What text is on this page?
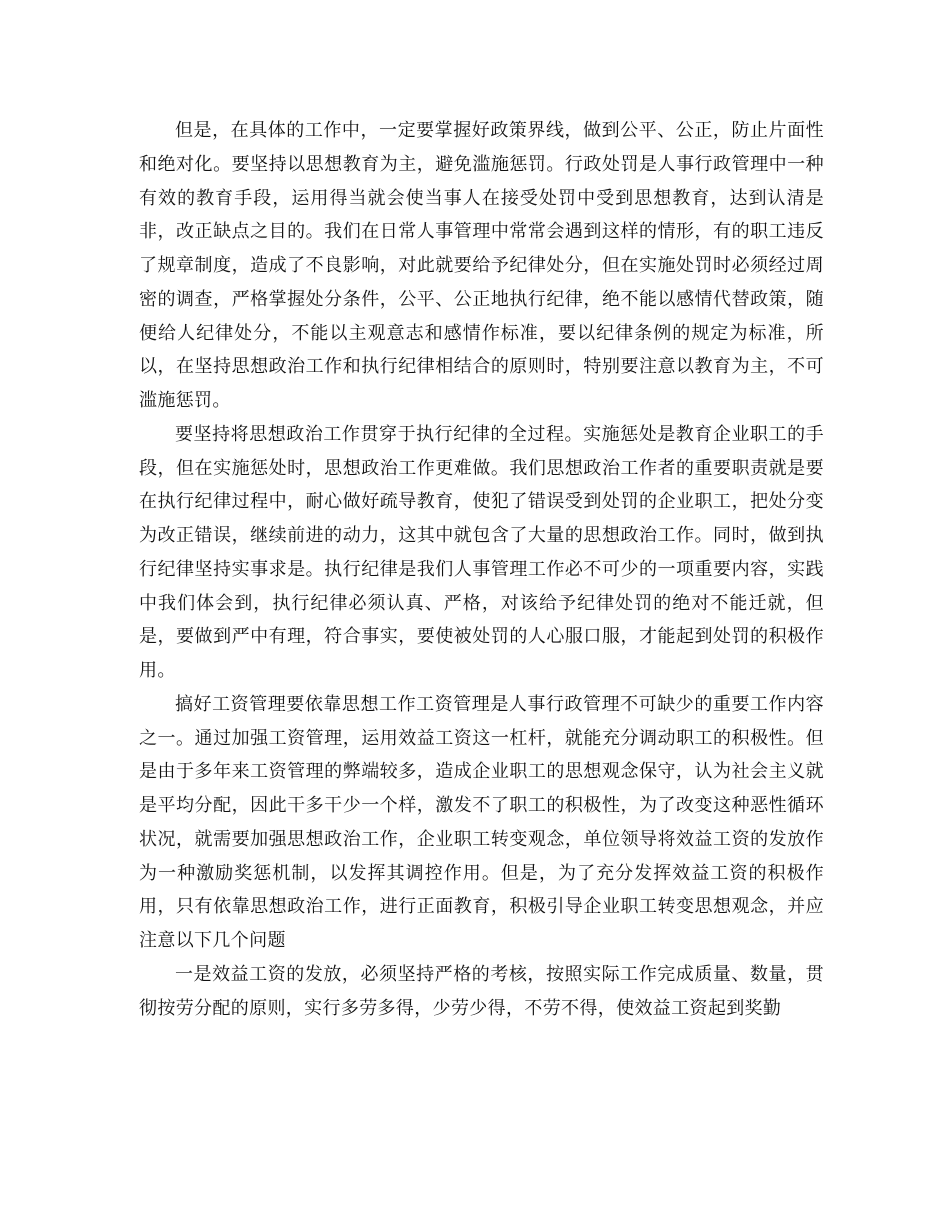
但是，在具体的工作中，一定要掌握好政策界线，做到公平、公正，防止片面性和绝对化。要坚持以思想教育为主，避免滥施惩罚。行政处罚是人事行政管理中一种有效的教育手段，运用得当就会使当事人在接受处罚中受到思想教育，达到认清是非，改正缺点之目的。我们在日常人事管理中常常会遇到这样的情形，有的职工违反了规章制度，造成了不良影响，对此就要给予纪律处分，但在实施处罚时必须经过周密的调查，严格掌握处分条件，公平、公正地执行纪律，绝不能以感情代替政策，随便给人纪律处分，不能以主观意志和感情作标准，要以纪律条例的规定为标准，所以，在坚持思想政治工作和执行纪律相结合的原则时，特别要注意以教育为主，不可滥施惩罚。

要坚持将思想政治工作贯穿于执行纪律的全过程。实施惩处是教育企业职工的手段，但在实施惩处时，思想政治工作更难做。我们思想政治工作者的重要职责就是要在执行纪律过程中，耐心做好疏导教育，使犯了错误受到处罚的企业职工，把处分变为改正错误，继续前进的动力，这其中就包含了大量的思想政治工作。同时，做到执行纪律坚持实事求是。执行纪律是我们人事管理工作必不可少的一项重要内容，实践中我们体会到，执行纪律必须认真、严格，对该给予纪律处罚的绝对不能迁就，但是，要做到严中有理，符合事实，要使被处罚的人心服口服，才能起到处罚的积极作用。

搞好工资管理要依靠思想工作工资管理是人事行政管理不可缺少的重要工作内容之一。通过加强工资管理，运用效益工资这一杠杆，就能充分调动职工的积极性。但是由于多年来工资管理的弊端较多，造成企业职工的思想观念保守，认为社会主义就是平均分配，因此干多干少一个样，激发不了职工的积极性，为了改变这种恶性循环状况，就需要加强思想政治工作，企业职工转变观念，单位领导将效益工资的发放作为一种激励奖惩机制，以发挥其调控作用。但是，为了充分发挥效益工资的积极作用，只有依靠思想政治工作，进行正面教育，积极引导企业职工转变思想观念，并应注意以下几个问题

一是效益工资的发放，必须坚持严格的考核，按照实际工作完成质量、数量，贯彻按劳分配的原则，实行多劳多得，少劳少得，不劳不得，使效益工资起到奖勤
